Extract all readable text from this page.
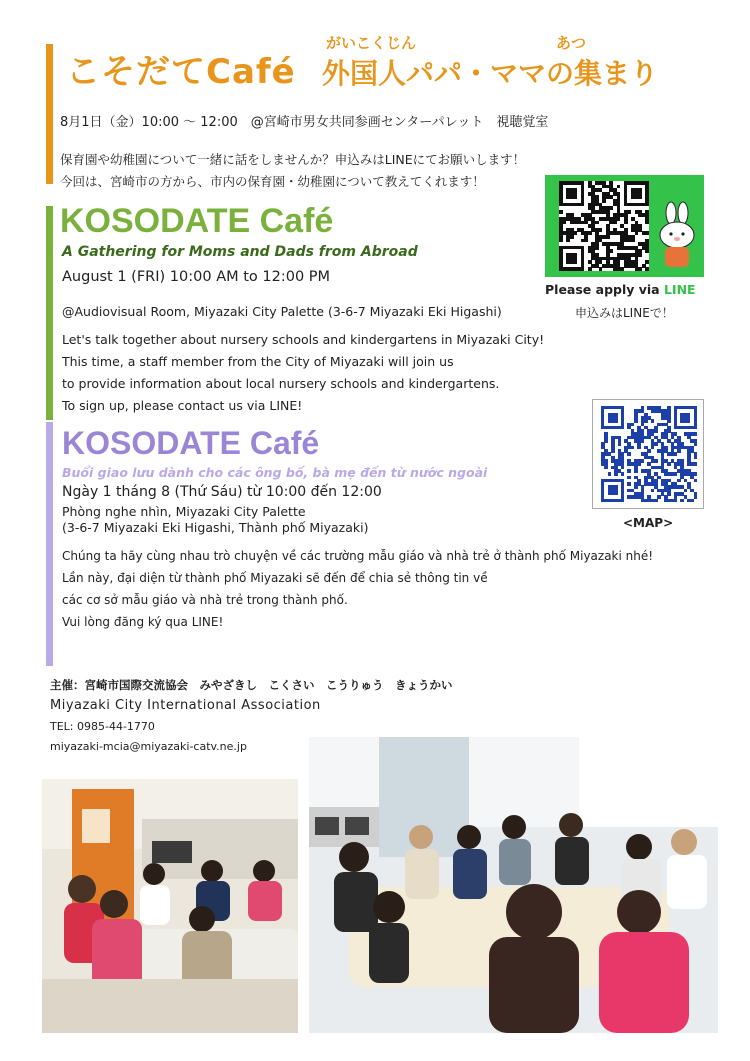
がいこくじん	あつ
こそだてCafé 外国人パパ・ママの集まり
8月1日（金）10:00 〜 12:00　@宮崎市男女共同参画センターパレット　視聴覚室
保育園や幼稚園について一緒に話をしませんか？申込みはLINEにてお願いします！
今回は、宮崎市の方から、市内の保育園・幼稚園について教えてくれます！
KOSODATE Café
A Gathering for Moms and Dads from Abroad
August 1 (FRI) 10:00 AM to 12:00 PM
@Audiovisual Room, Miyazaki City Palette (3-6-7 Miyazaki Eki Higashi)
Let's talk together about nursery schools and kindergartens in Miyazaki City!
This time, a staff member from the City of Miyazaki will join us
to provide information about local nursery schools and kindergartens.
To sign up, please contact us via LINE!
KOSODATE Café
Buổi giao lưu dành cho các ông bố, bà mẹ đến từ nước ngoài
Ngày 1 tháng 8 (Thứ Sáu) từ 10:00 đến 12:00
Phòng nghe nhìn, Miyazaki City Palette
(3-6-7 Miyazaki Eki Higashi, Thành phố Miyazaki)
Chúng ta hãy cùng nhau trò chuyện về các trường mẫu giáo và nhà trẻ ở thành phố Miyazaki nhé!
Lần này, đại diện từ thành phố Miyazaki sẽ đến để chia sẻ thông tin về
các cơ sở mẫu giáo và nhà trẻ trong thành phố.
Vui lòng đăng ký qua LINE!
Please apply via LINE
申込みはLINEで！
<MAP>
主催：宮崎市国際交流協会　みやざきし　こくさい　こうりゅう　きょうかい
Miyazaki City International Association
TEL: 0985-44-1770
miyazaki-mcia@miyazaki-catv.ne.jp
